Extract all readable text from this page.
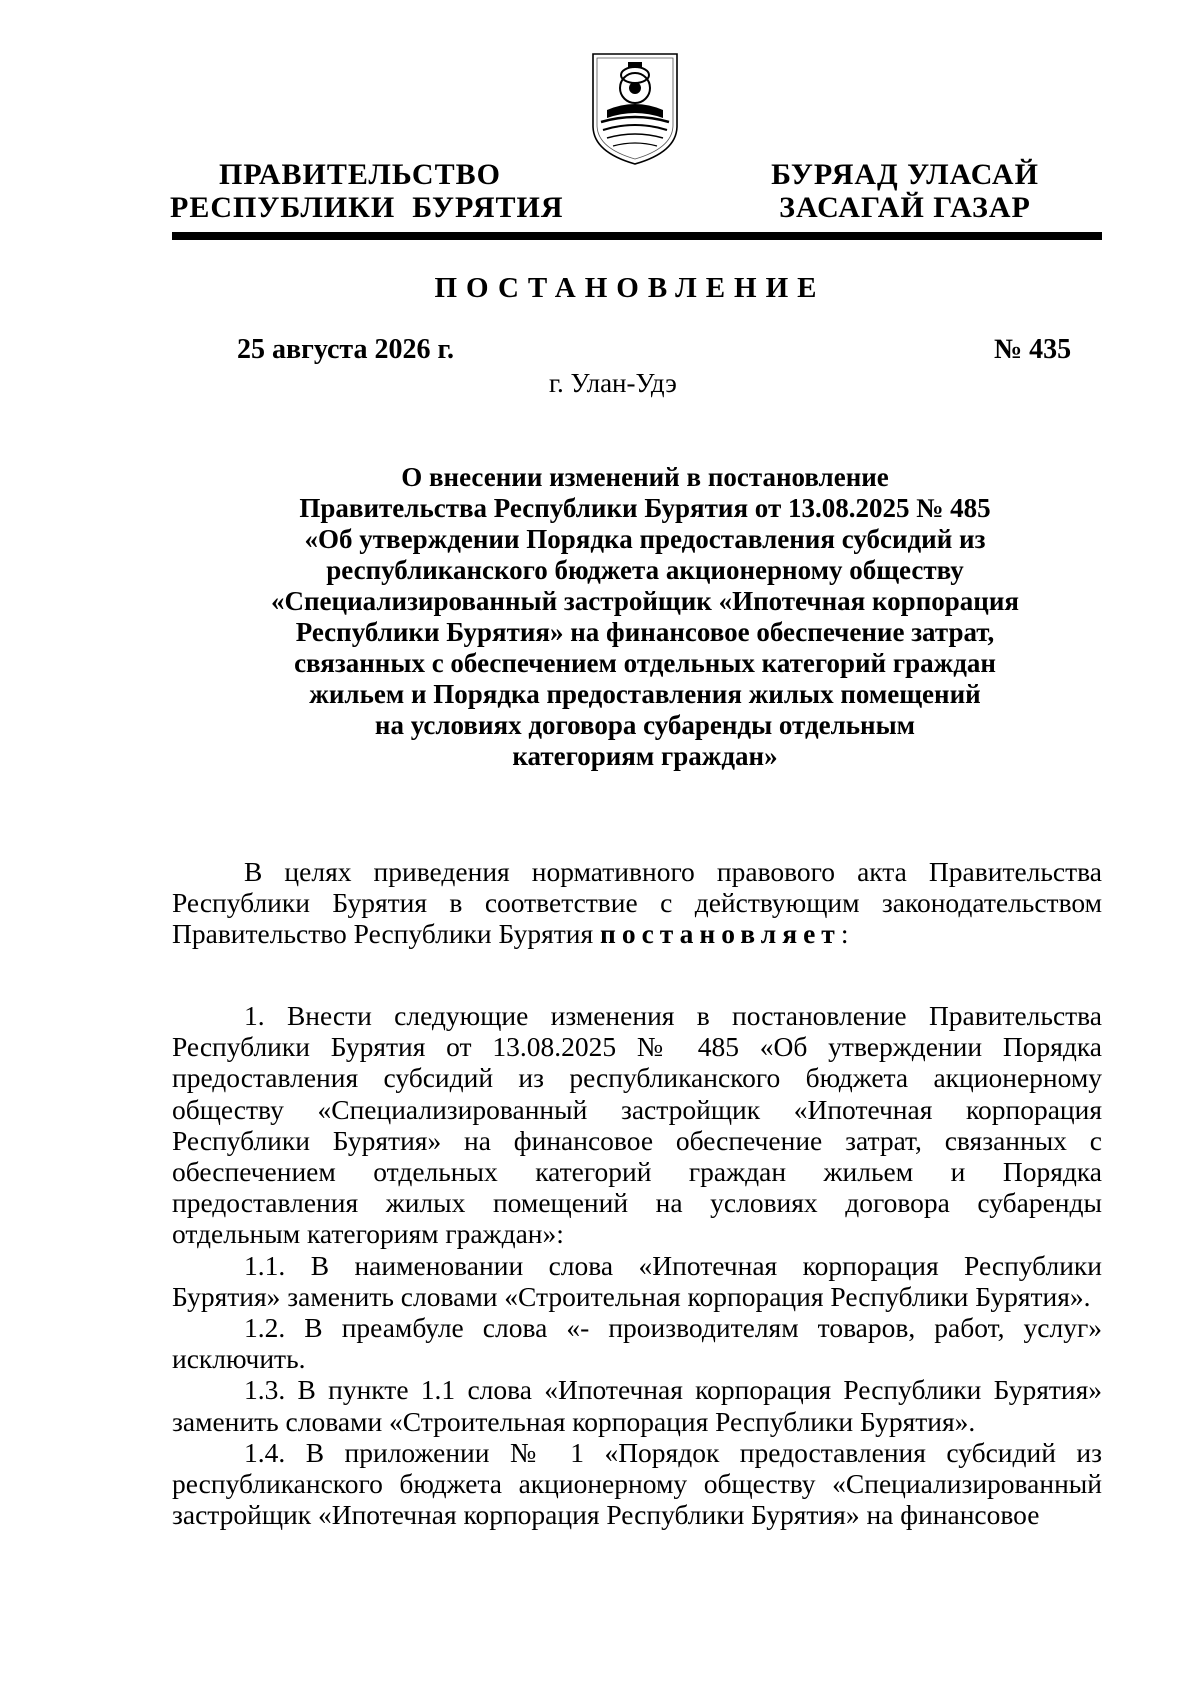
ПРАВИТЕЛЬСТВО
РЕСПУБЛИКИ  БУРЯТИЯ
БУРЯАД УЛАСАЙ
ЗАСАГАЙ ГАЗАР
ПОСТАНОВЛЕНИЕ
25 августа 2026 г.	№ 435
г. Улан-Удэ
О внесении изменений в постановление
Правительства Республики Бурятия от 13.08.2025 № 485
«Об утверждении Порядка предоставления субсидий из
республиканского бюджета акционерному обществу
«Специализированный застройщик «Ипотечная корпорация
Республики Бурятия» на финансовое обеспечение затрат,
связанных с обеспечением отдельных категорий граждан
жильем и Порядка предоставления жилых помещений
на условиях договора субаренды отдельным
категориям граждан»

В целях приведения нормативного правового акта Правительства Республики Бурятия в соответствие с действующим законодательством Правительство Республики Бурятия постановляет:

1. Внести следующие изменения в постановление Правительства Республики Бурятия от 13.08.2025 № 485 «Об утверждении Порядка предоставления субсидий из республиканского бюджета акционерному обществу «Специализированный застройщик «Ипотечная корпорация Республики Бурятия» на финансовое обеспечение затрат, связанных с обеспечением отдельных категорий граждан жильем и Порядка предоставления жилых помещений на условиях договора субаренды отдельным категориям граждан»:

1.1. В наименовании слова «Ипотечная корпорация Республики Бурятия» заменить словами «Строительная корпорация Республики Бурятия».

1.2. В преамбуле слова «- производителям товаров, работ, услуг» исключить.

1.3. В пункте 1.1 слова «Ипотечная корпорация Республики Бурятия» заменить словами «Строительная корпорация Республики Бурятия».

1.4. В приложении № 1 «Порядок предоставления субсидий из республиканского бюджета акционерному обществу «Специализированный застройщик «Ипотечная корпорация Республики Бурятия» на финансовое
